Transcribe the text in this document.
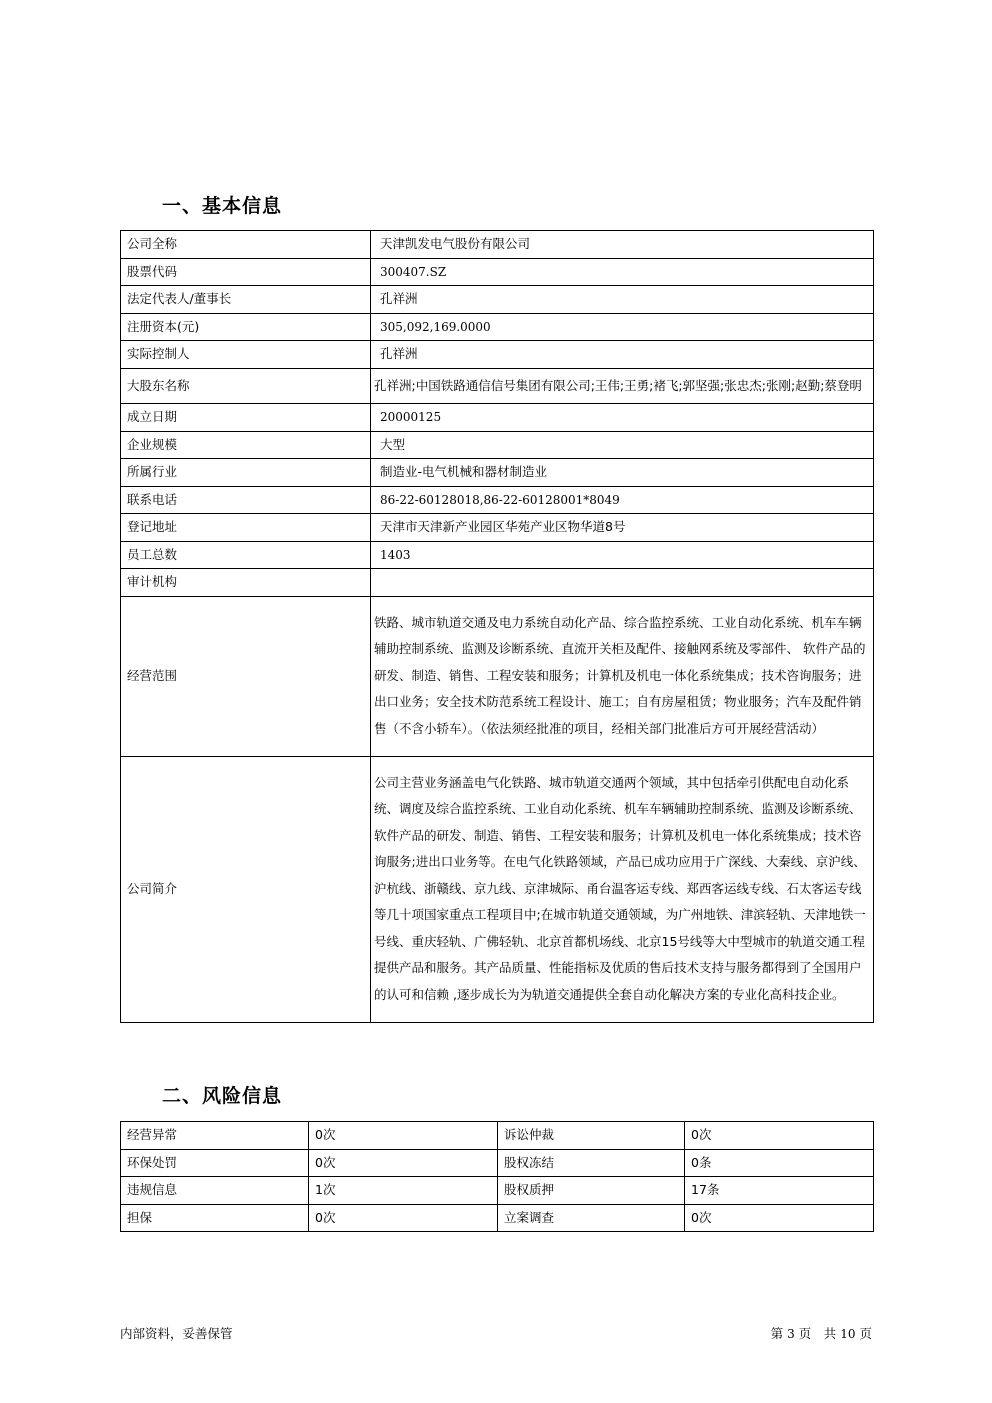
一、基本信息
公司全称	天津凯发电气股份有限公司
股票代码	300407.SZ
法定代表人/董事长	孔祥洲
注册资本(元)	305,092,169.0000
实际控制人	孔祥洲
大股东名称	孔祥洲;中国铁路通信信号集团有限公司;王伟;王勇;褚飞;郭坚强;张忠杰;张刚;赵勤;蔡登明
成立日期	20000125
企业规模	大型
所属行业	制造业-电气机械和器材制造业
联系电话	86-22-60128018,86-22-60128001*8049
登记地址	天津市天津新产业园区华苑产业区物华道8号
员工总数	1403
审计机构	
经营范围	铁路、城市轨道交通及电力系统自动化产品、综合监控系统、工业自动化系统、机车车辆辅助控制系统、监测及诊断系统、直流开关柜及配件、接触网系统及零部件、 软件产品的研发、制造、销售、工程安装和服务；计算机及机电一体化系统集成；技术咨询服务；进出口业务；安全技术防范系统工程设计、施工；自有房屋租赁；物业服务；汽车及配件销售（不含小轿车）。（依法须经批准的项目，经相关部门批准后方可开展经营活动）
公司简介	公司主营业务涵盖电气化铁路、城市轨道交通两个领域，其中包括牵引供配电自动化系统、调度及综合监控系统、工业自动化系统、机车车辆辅助控制系统、监测及诊断系统、软件产品的研发、制造、销售、工程安装和服务；计算机及机电一体化系统集成；技术咨询服务;进出口业务等。在电气化铁路领域，产品已成功应用于广深线、大秦线、京沪线、沪杭线、浙赣线、京九线、京津城际、甬台温客运专线、郑西客运线专线、石太客运专线等几十项国家重点工程项目中;在城市轨道交通领域，为广州地铁、津滨轻轨、天津地铁一号线、重庆轻轨、广佛轻轨、北京首都机场线、北京15号线等大中型城市的轨道交通工程提供产品和服务。其产品质量、性能指标及优质的售后技术支持与服务都得到了全国用户的认可和信赖 ,逐步成长为为轨道交通提供全套自动化解决方案的专业化高科技企业。
二、风险信息
经营异常	0次	诉讼仲裁	0次
环保处罚	0次	股权冻结	0条
违规信息	1次	股权质押	17条
担保	0次	立案调查	0次
内部资料，妥善保管	第 3 页　共 10 页
